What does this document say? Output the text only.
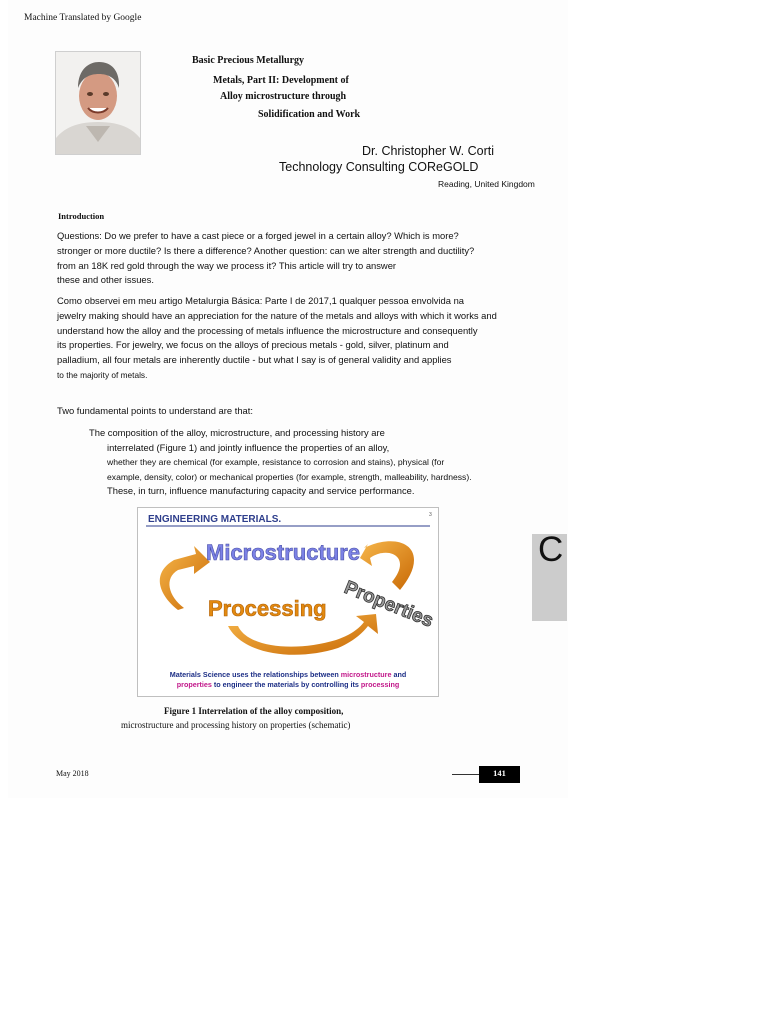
Machine Translated by Google

Basic Precious Metallurgy

Metals, Part II: Development of

Alloy microstructure through

Solidification and Work

Dr. Christopher W. Corti

Technology Consulting COReGOLD

Reading, United Kingdom

Introduction

Questions: Do we prefer to have a cast piece or a forged jewel in a certain alloy? Which is more?
stronger or more ductile? Is there a difference? Another question: can we alter strength and ductility?
from an 18K red gold through the way we process it? This article will try to answer
these and other issues.
Como observei em meu artigo Metalurgia Básica: Parte I de 2017,1 qualquer pessoa envolvida na
jewelry making should have an appreciation for the nature of the metals and alloys with which it works and
understand how the alloy and the processing of metals influence the microstructure and consequently
its properties. For jewelry, we focus on the alloys of precious metals - gold, silver, platinum and
palladium, all four metals are inherently ductile - but what I say is of general validity and applies
to the majority of metals.
Two fundamental points to understand are that:
The composition of the alloy, microstructure, and processing history are
interrelated (Figure 1) and jointly influence the properties of an alloy,
whether they are chemical (for example, resistance to corrosion and stains), physical (for
example, density, color) or mechanical properties (for example, strength, malleability, hardness).
These, in turn, influence manufacturing capacity and service performance.
ENGINEERING MATERIALS.	3
Microstructure
Processing Properties
Materials Science uses the relationships between microstructure and
properties to engineer the materials by controlling its processing

Figure 1 Interrelation of the alloy composition,

microstructure and processing history on properties (schematic)

C

May 2018	141
